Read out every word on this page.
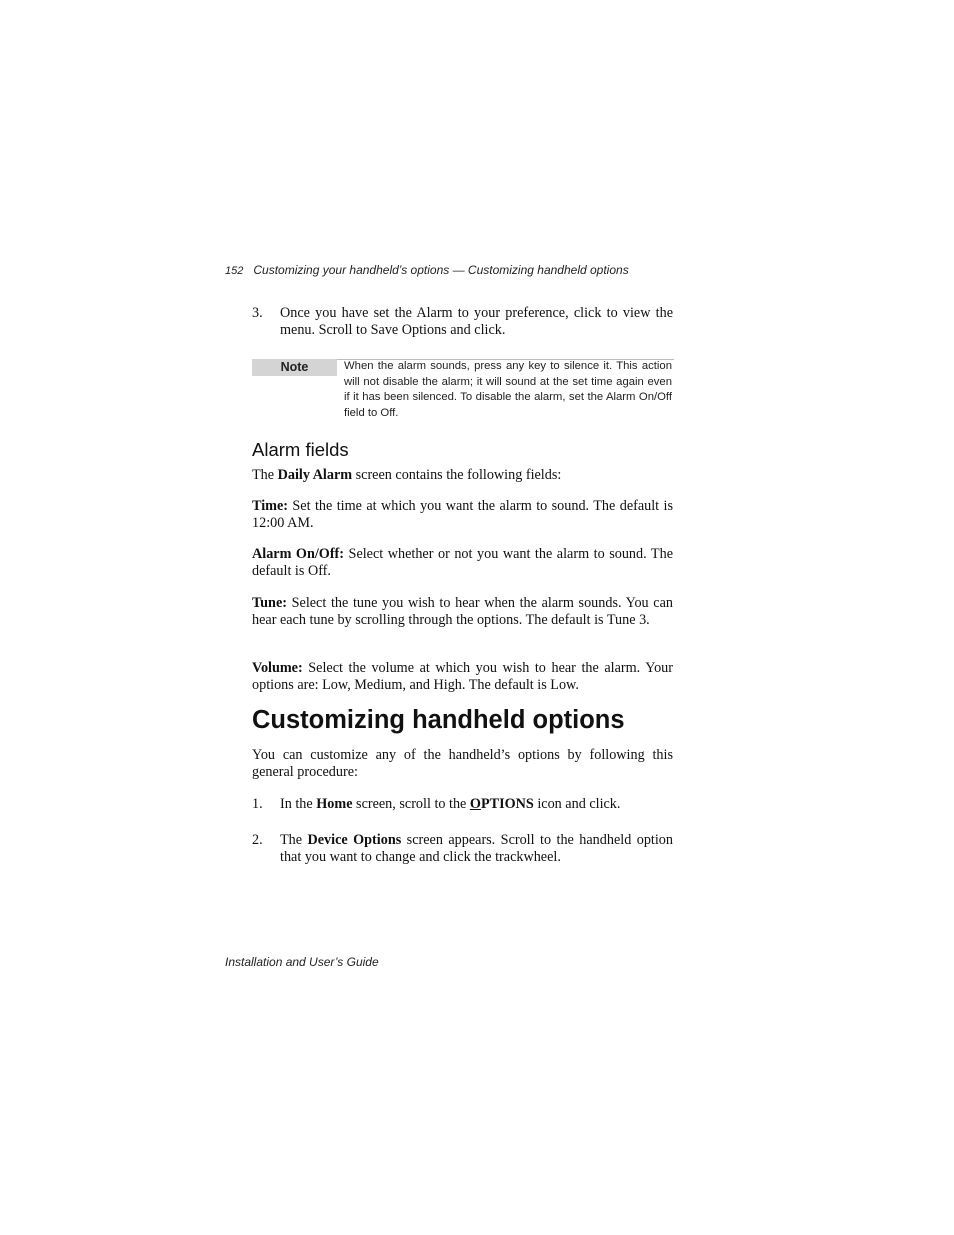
152 Customizing your handheld’s options — Customizing handheld options
3. Once you have set the Alarm to your preference, click to view the menu. Scroll to Save Options and click.
Note	When the alarm sounds, press any key to silence it. This action will not disable the alarm; it will sound at the set time again even if it has been silenced. To disable the alarm, set the Alarm On/Off field to Off.
Alarm fields
The Daily Alarm screen contains the following fields:
Time: Set the time at which you want the alarm to sound. The default is 12:00 AM.
Alarm On/Off: Select whether or not you want the alarm to sound. The default is Off.
Tune: Select the tune you wish to hear when the alarm sounds. You can hear each tune by scrolling through the options. The default is Tune 3.
Volume: Select the volume at which you wish to hear the alarm. Your options are: Low, Medium, and High. The default is Low.
Customizing handheld options
You can customize any of the handheld’s options by following this general procedure:
1. In the Home screen, scroll to the OPTIONS icon and click.
2. The Device Options screen appears. Scroll to the handheld option that you want to change and click the trackwheel.
Installation and User’s Guide
